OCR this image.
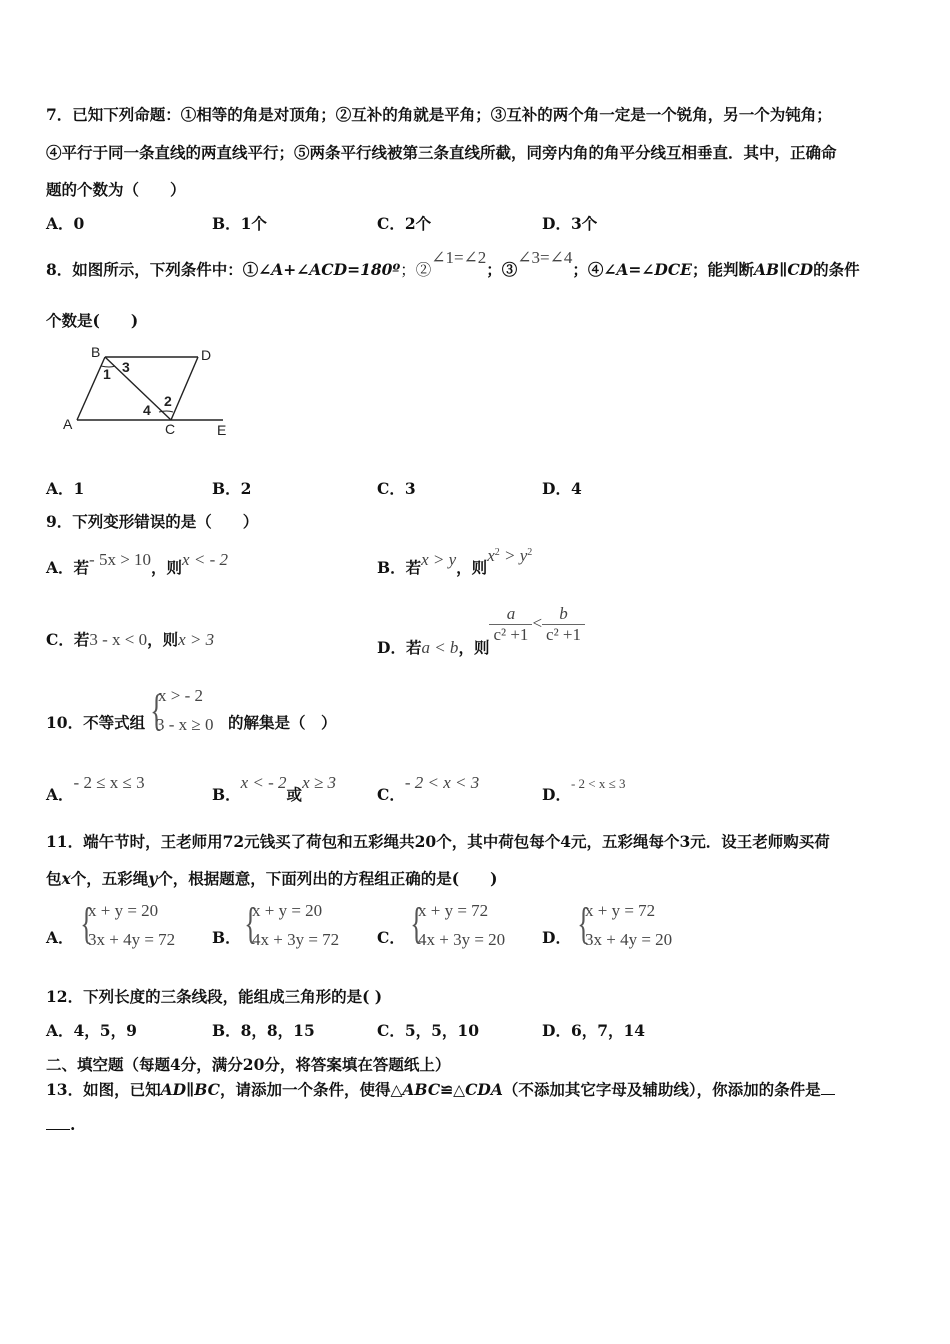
7．已知下列命题：①相等的角是对顶角；②互补的角就是平角；③互补的两个角一定是一个锐角，另一个为钝角；
④平行于同一条直线的两直线平行；⑤两条平行线被第三条直线所截，同旁内角的角平分线互相垂直．其中，正确命
题的个数为（　　）
A．0	B．1个	C．2个	D．3个
8．如图所示，下列条件中：①∠A+∠ACD=180º；②∠1=∠2；③∠3=∠4；④∠A=∠DCE；能判断AB∥CD的条件
个数是(　　)
B	D
1 3
4
2
A	C	E
A．1	B．2	C．3	D．4
9．下列变形错误的是（　　）
A．若- 5x > 10，则x < - 2	B．若x > y，则$x^2 > y^2$
C．若3 - x < 0，则x > 3	D．若a < b，则
$\frac{a}{\text{c² +1}} < \frac{b}{\text{c² +1}}$
10．不等式组 {
x > - 2
3 - x ≥ 0 的解集是（　）
A．- 2 ≤ x ≤ 3
B．x < - 2或x ≥ 3
C．- 2 < x < 3
D．$^{- 2 < x \le 3}$
11．端午节时，王老师用72元钱买了荷包和五彩绳共20个，其中荷包每个4元，五彩绳每个3元．设王老师购买荷
包x个，五彩绳y个，根据题意，下面列出的方程组正确的是(　　)
A． {
x + y = 20
3x + 4y = 72 B． {
x + y = 20
4x + 3y = 72 C． {
x + y = 72
4x + 3y = 20 D． {
x + y = 72
3x + 4y = 20
12．下列长度的三条线段，能组成三角形的是( )
A．4，5，9	B．8，8，15	C．5，5，10	D．6，7，14
二、填空题（每题4分，满分20分，将答案填在答题纸上）
13．如图，已知AD∥BC，请添加一个条件，使得△ABC≌△CDA（不添加其它字母及辅助线），你添加的条件是
.
